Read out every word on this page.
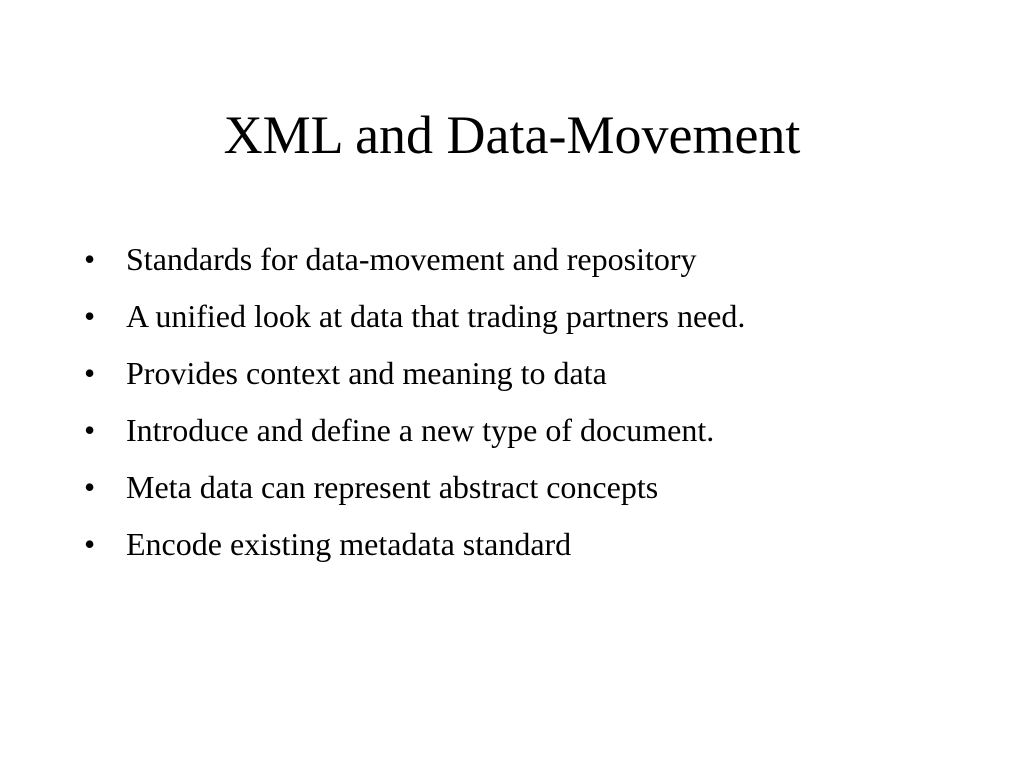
XML and Data-Movement
• Standards for data-movement and repository
• A unified look at data that trading partners need.
• Provides context and meaning to data
• Introduce and define a new type of document.
• Meta data can represent abstract concepts
• Encode existing metadata standard
